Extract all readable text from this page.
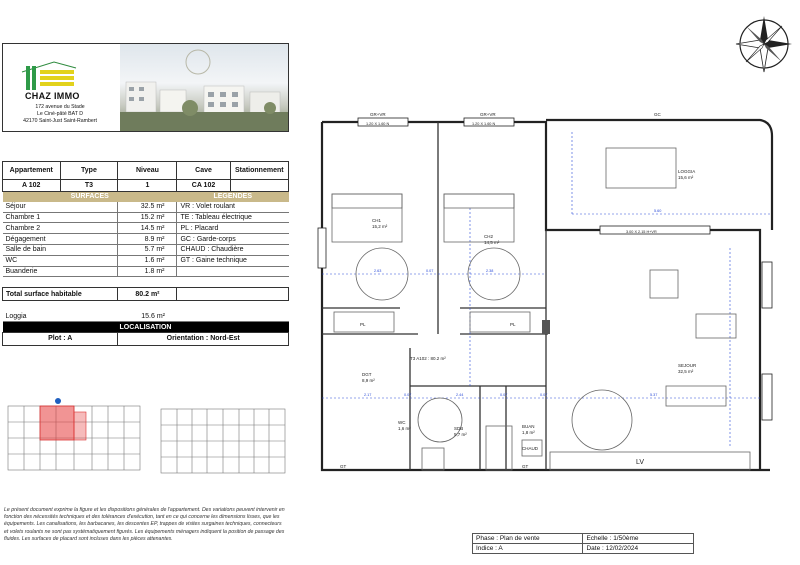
CHAZ IMMO
172 avenue du Stade
Le Ciné-pâté BAT D
42170 Saint-Just Saint-Rambert
Appartement	Type	Niveau	Cave	Stationnement
A 102	T3	1	CA 102	
SURFACES			LEGENDES	
Séjour		32.5 m²	VR : Volet roulant	
Chambre 1		15.2 m²	TE : Tableau électrique	
Chambre 2		14.5 m²	PL : Placard	
Dégagement		8.9 m²	GC : Garde-corps	
Salle de bain		5.7 m²	CHAUD : Chaudière	
WC		1.6 m²	GT : Gaine technique	
Buanderie		1.8 m²		

Total surface habitable		80.2 m²		

Loggia		15.6 m²		
LOCALISATION				
Plot : A		Orientation : Nord-Est		
Le présent document exprime la figure et les dispositions générales de l'appartement. Des variations peuvent intervenir en fonction des nécessités techniques et des tolérances d'exécution, tant en ce qui concerne les dimensions lisses, que les équipements. Les canalisations, les barbacanes, les descentes EP, trappes de visites surgaines techniques, connecteurs et volets roulants ne sont pas systématiquement figurés. Les équipements ménagers indiquent la position de passage des fluides. Les surfaces de placard sont incluses dans les pièces attenantes.
CH1
15,2 m²
CH2
14,5 m²
LOGGIA
15,6 m²
SEJOUR
32,5 m²
DGT
8,9 m²
WC
1,6 m²	SDB
5,7 m²
BUAN
1,8 m²
T3 A102 : 80.2 m²
PL	PL
GT	GT
CHAUD
LV
GC
GR+VR	GR+VR
1.20 X 1.60 N	1.20 X 1.60 N
3.00 X 2.15 H+VR
2.63	0.07	2.38
5.60
2.17	0.07	2.44	0.07	0.07	5.37
Phase : Plan de vente	Echelle : 1/50ème
Indice : A	Date : 12/02/2024
